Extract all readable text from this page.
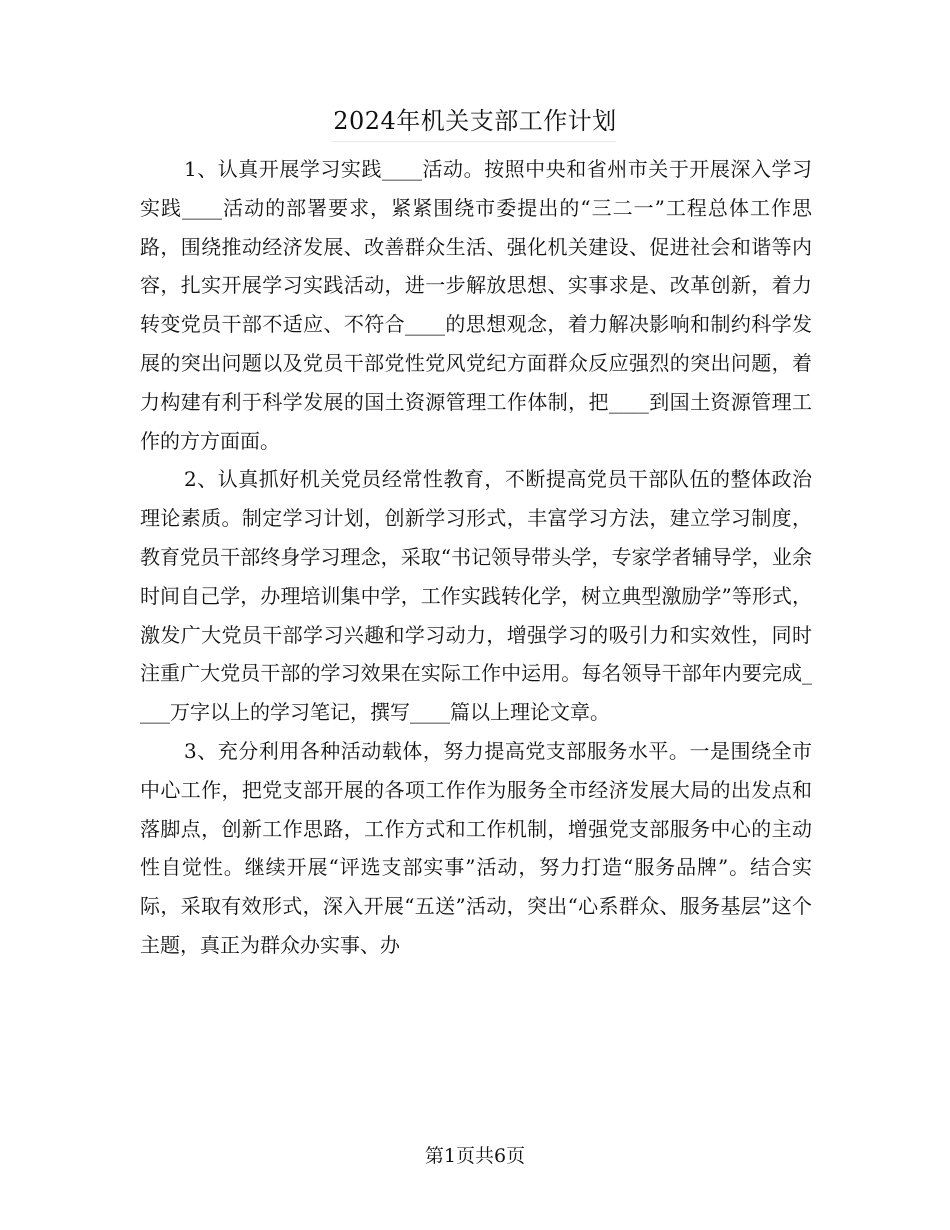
2024年机关支部工作计划

1、认真开展学习实践____活动。按照中央和省州市关于开展深入学习实践____活动的部署要求，紧紧围绕市委提出的“三二一”工程总体工作思路，围绕推动经济发展、改善群众生活、强化机关建设、促进社会和谐等内容，扎实开展学习实践活动，进一步解放思想、实事求是、改革创新，着力转变党员干部不适应、不符合____的思想观念，着力解决影响和制约科学发展的突出问题以及党员干部党性党风党纪方面群众反应强烈的突出问题，着力构建有利于科学发展的国土资源管理工作体制，把____到国土资源管理工作的方方面面。

2、认真抓好机关党员经常性教育，不断提高党员干部队伍的整体政治理论素质。制定学习计划，创新学习形式，丰富学习方法，建立学习制度，教育党员干部终身学习理念，采取“书记领导带头学，专家学者辅导学，业余时间自己学，办理培训集中学，工作实践转化学，树立典型激励学”等形式，激发广大党员干部学习兴趣和学习动力，增强学习的吸引力和实效性，同时注重广大党员干部的学习效果在实际工作中运用。每名领导干部年内要完成____万字以上的学习笔记，撰写____篇以上理论文章。

3、充分利用各种活动载体，努力提高党支部服务水平。一是围绕全市中心工作，把党支部开展的各项工作作为服务全市经济发展大局的出发点和落脚点，创新工作思路，工作方式和工作机制，增强党支部服务中心的主动性自觉性。继续开展“评选支部实事”活动，努力打造“服务品牌”。结合实际，采取有效形式，深入开展“五送”活动，突出“心系群众、服务基层”这个主题，真正为群众办实事、办

第1页共6页
